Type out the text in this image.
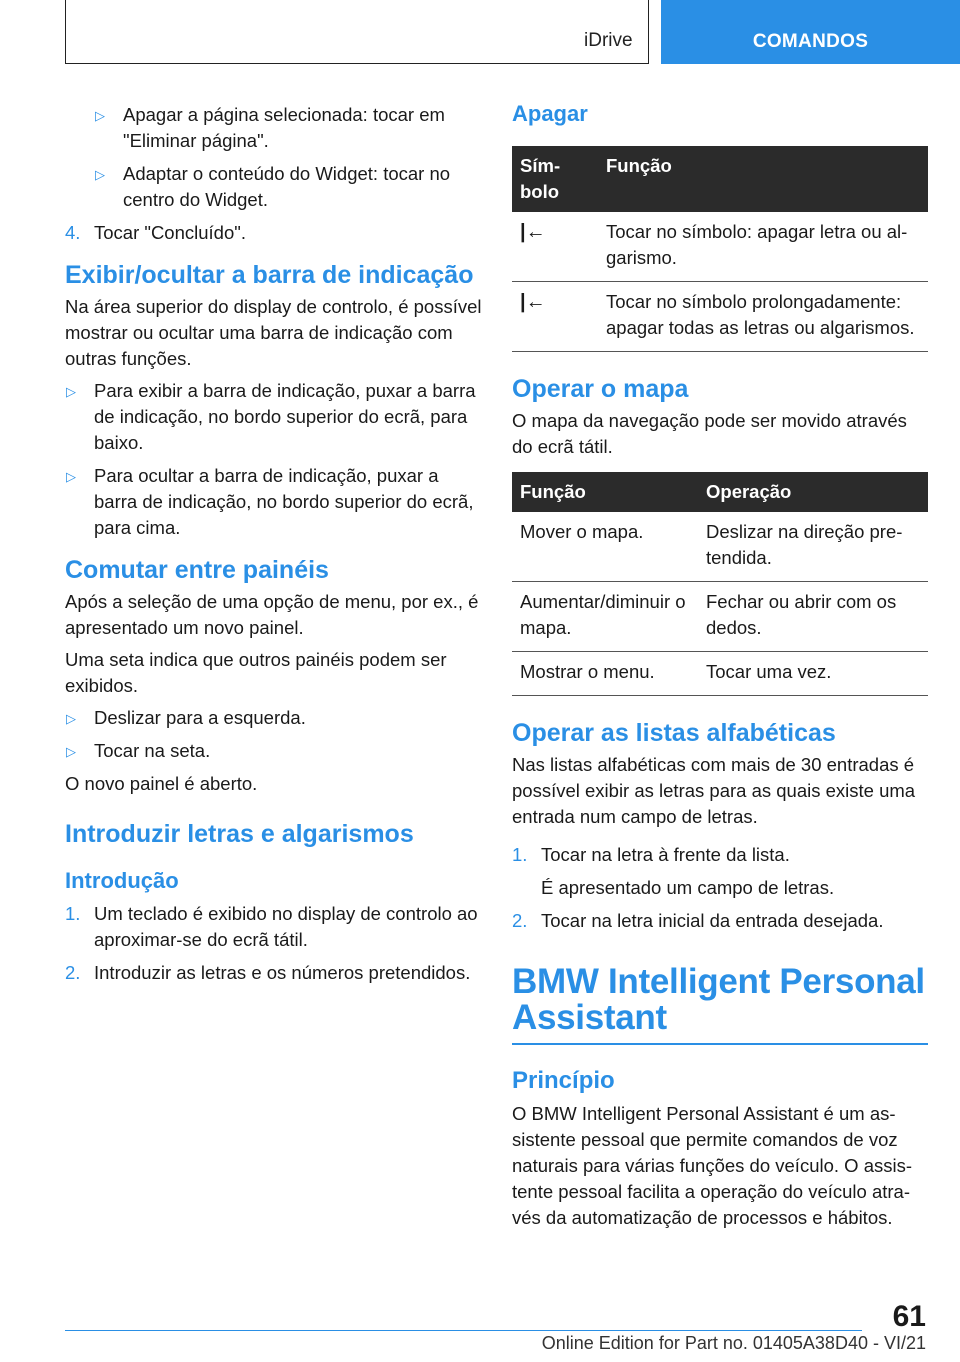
iDrive	COMANDOS
▷ Apagar a página selecionada: tocar em "Eliminar página".
▷ Adaptar o conteúdo do Widget: tocar no centro do Widget.
4. Tocar "Concluído".
Exibir/ocultar a barra de indicação
Na área superior do display de controlo, é possível mostrar ou ocultar uma barra de indicação com outras funções.
▷ Para exibir a barra de indicação, puxar a barra de indicação, no bordo superior do ecrã, para baixo.
▷ Para ocultar a barra de indicação, puxar a barra de indicação, no bordo superior do ecrã, para cima.
Comutar entre painéis
Após a seleção de uma opção de menu, por ex., é apresentado um novo painel.
Uma seta indica que outros painéis podem ser exibidos.
▷ Deslizar para a esquerda.
▷ Tocar na seta.
O novo painel é aberto.
Introduzir letras e algarismos
Introdução
1. Um teclado é exibido no display de controlo ao aproximar-se do ecrã tátil.
2. Introduzir as letras e os números pretendidos.
Apagar
Símbolo	Função
|←	Tocar no símbolo: apagar letra ou algarismo.
|←	Tocar no símbolo prolongadamente: apagar todas as letras ou algarismos.
Operar o mapa
O mapa da navegação pode ser movido através do ecrã tátil.
Função	Operação
Mover o mapa.	Deslizar na direção pretendida.
Aumentar/diminuir o mapa.	Fechar ou abrir com os dedos.
Mostrar o menu.	Tocar uma vez.
Operar as listas alfabéticas
Nas listas alfabéticas com mais de 30 entradas é possível exibir as letras para as quais existe uma entrada num campo de letras.
1. Tocar na letra à frente da lista.
É apresentado um campo de letras.
2. Tocar na letra inicial da entrada desejada.
BMW Intelligent Personal Assistant
Princípio
O BMW Intelligent Personal Assistant é um assistente pessoal que permite comandos de voz naturais para várias funções do veículo. O assistente pessoal facilita a operação do veículo através da automatização de processos e hábitos.
61
Online Edition for Part no. 01405A38D40 - VI/21
